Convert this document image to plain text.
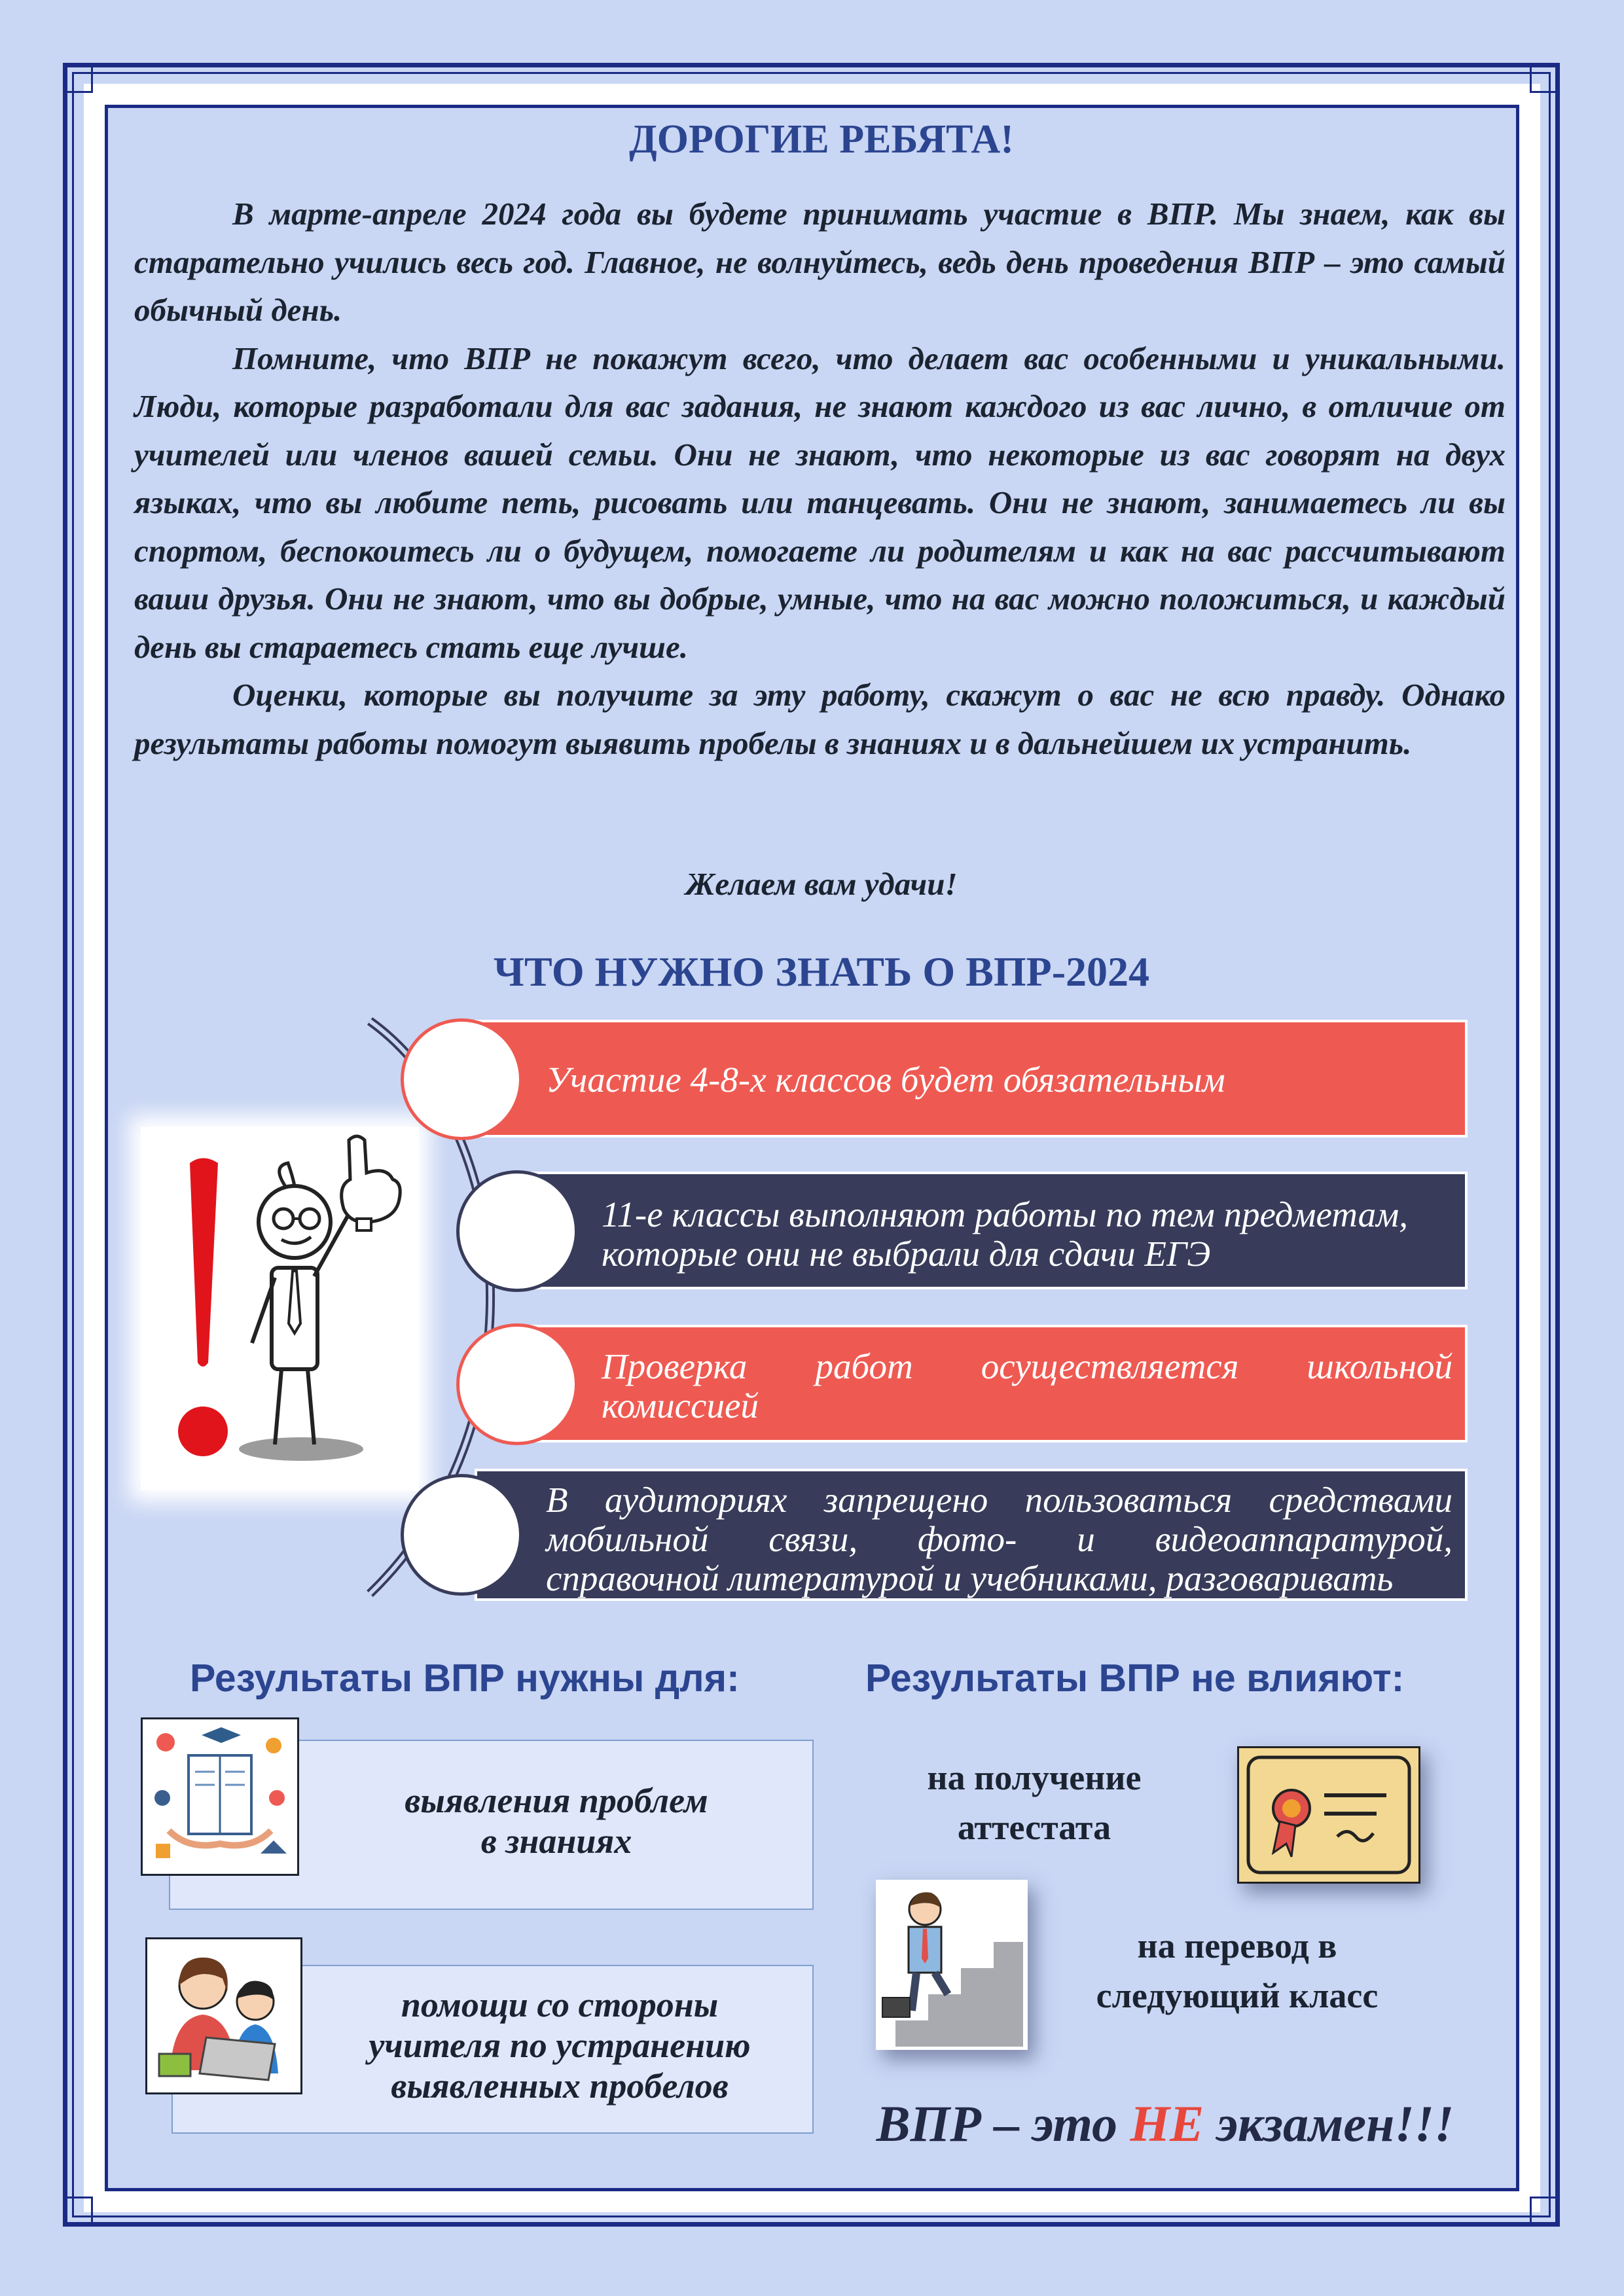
ДОРОГИЕ РЕБЯТА!

В марте-апреле 2024 года вы будете принимать участие в ВПР. Мы знаем, как вы старательно учились весь год. Главное, не волнуйтесь, ведь день проведения ВПР – это самый обычный день.

Помните, что ВПР не покажут всего, что делает вас особенными и уникальными. Люди, которые разработали для вас задания, не знают каждого из вас лично, в отличие от учителей или членов вашей семьи. Они не знают, что некоторые из вас говорят на двух языках, что вы любите петь, рисовать или танцевать. Они не знают, занимаетесь ли вы спортом, беспокоитесь ли о будущем, помогаете ли родителям и как на вас рассчитывают ваши друзья. Они не знают, что вы добрые, умные, что на вас можно положиться, и каждый день вы стараетесь стать еще лучше.

Оценки, которые вы получите за эту работу, скажут о вас не всю правду. Однако результаты работы помогут выявить пробелы в знаниях и в дальнейшем их устранить.

Желаем вам удачи!
ЧТО НУЖНО ЗНАТЬ О ВПР-2024
Участие 4-8-х классов будет обязательным
11-е классы выполняют работы по тем предметам,
которые они не выбрали для сдачи ЕГЭ
Проверка работ осуществляется школьной
комиссией
В аудиториях запрещено пользоваться средствами
мобильной связи, фото- и видеоаппаратурой,
справочной литературой и учебниками, разговаривать
Результаты ВПР нужны для:
выявления проблем
в знаниях
помощи со стороны
учителя по устранению
выявленных пробелов
Результаты ВПР не влияют:
на получение
аттестата
на перевод в
следующий класс
ВПР – это НЕ экзамен!!!
